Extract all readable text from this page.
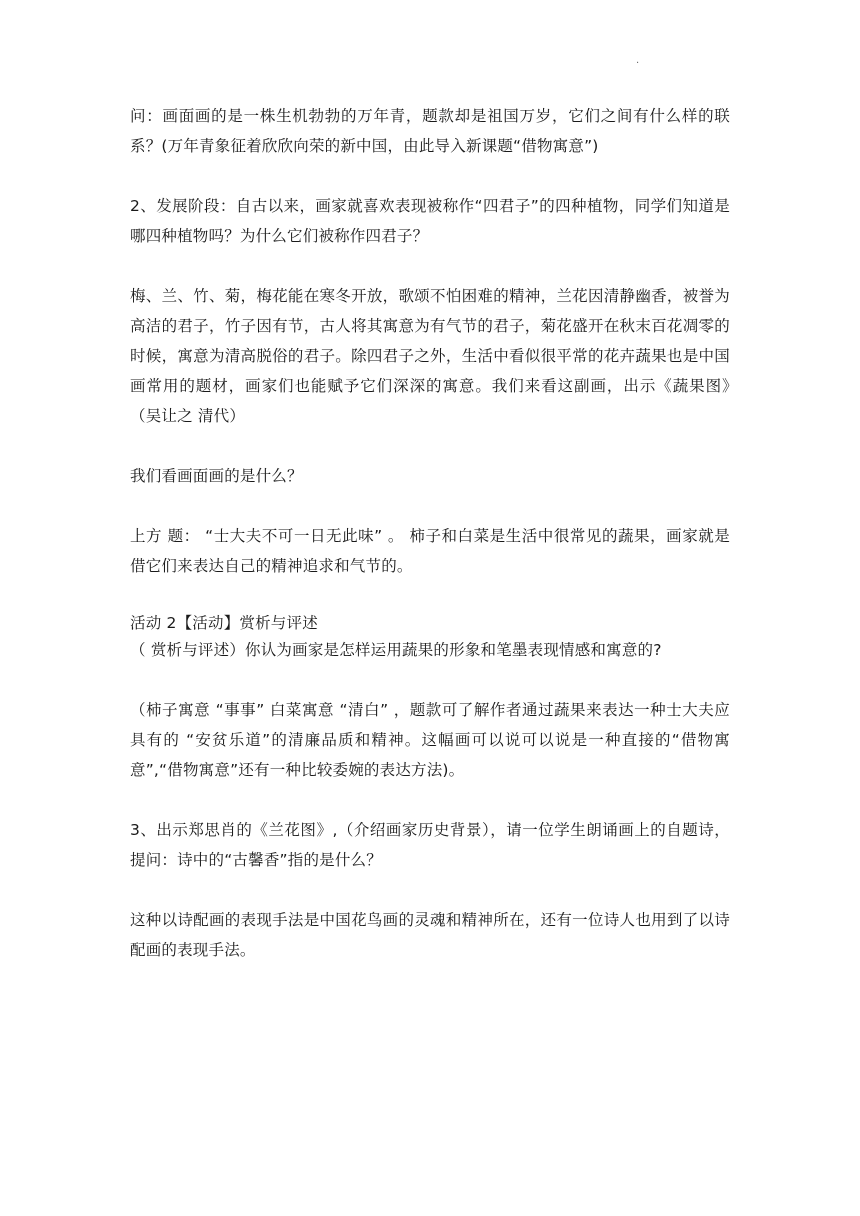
·

问：画面画的是一株生机勃勃的万年青，题款却是祖国万岁，它们之间有什么样的联系？(万年青象征着欣欣向荣的新中国，由此导入新课题“借物寓意”)

2、发展阶段：自古以来，画家就喜欢表现被称作“四君子”的四种植物，同学们知道是哪四种植物吗？为什么它们被称作四君子？

梅、兰、竹、菊，梅花能在寒冬开放，歌颂不怕困难的精神，兰花因清静幽香，被誉为高洁的君子，竹子因有节，古人将其寓意为有气节的君子，菊花盛开在秋末百花凋零的时候，寓意为清高脱俗的君子。除四君子之外，生活中看似很平常的花卉蔬果也是中国画常用的题材，画家们也能赋予它们深深的寓意。我们来看这副画，出示《蔬果图》　（吴让之 清代）

我们看画面画的是什么？

上方 题： “士大夫不可一日无此味” 。 柿子和白菜是生活中很常见的蔬果，画家就是借它们来表达自己的精神追求和气节的。

活动 2【活动】赏析与评述

（ 赏析与评述）你认为画家是怎样运用蔬果的形象和笔墨表现情感和寓意的?

（柿子寓意 “事事” 白菜寓意 “清白” ，题款可了解作者通过蔬果来表达一种士大夫应具有的 “安贫乐道”的清廉品质和精神。这幅画可以说可以说是一种直接的“借物寓意”,“借物寓意”还有一种比较委婉的表达方法)。

3、出示郑思肖的《兰花图》,（介绍画家历史背景），请一位学生朗诵画上的自题诗，提问：诗中的“古馨香”指的是什么？

这种以诗配画的表现手法是中国花鸟画的灵魂和精神所在，还有一位诗人也用到了以诗配画的表现手法。
